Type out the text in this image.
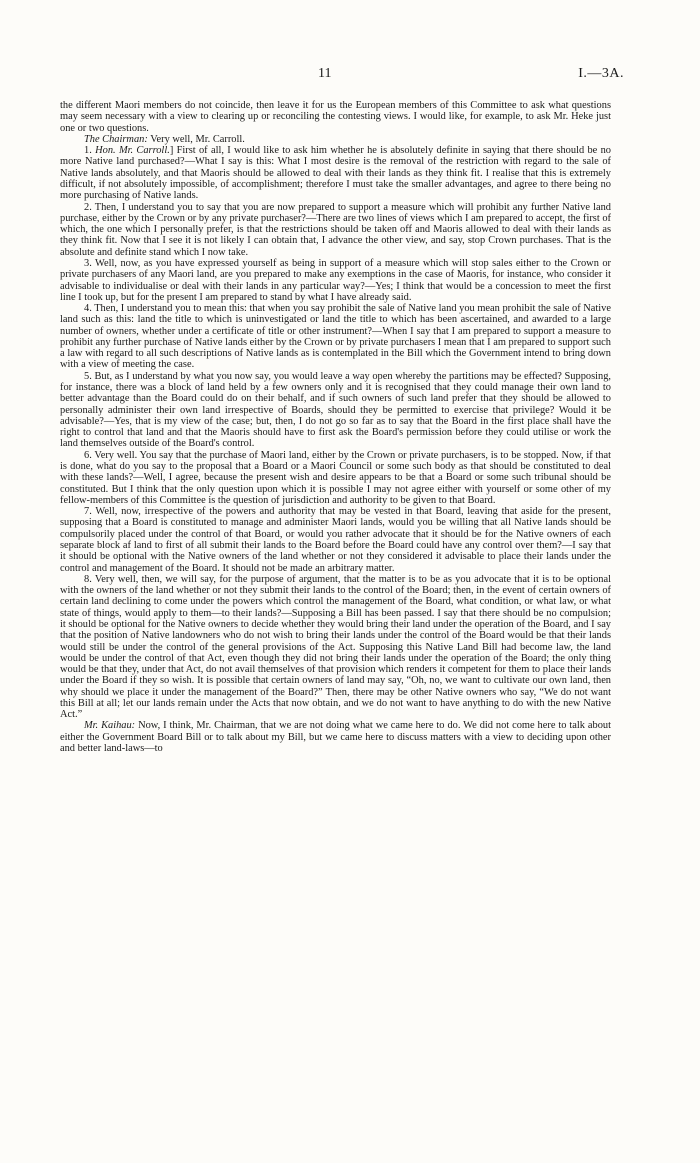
11	I.—3A.

the different Maori members do not coincide, then leave it for us the European members of this Committee to ask what questions may seem necessary with a view to clearing up or reconciling the contesting views. I would like, for example, to ask Mr. Heke just one or two questions.

The Chairman: Very well, Mr. Carroll.

1. Hon. Mr. Carroll.] First of all, I would like to ask him whether he is absolutely definite in saying that there should be no more Native land purchased?—What I say is this: What I most desire is the removal of the restriction with regard to the sale of Native lands absolutely, and that Maoris should be allowed to deal with their lands as they think fit. I realise that this is extremely difficult, if not absolutely impossible, of accomplishment; therefore I must take the smaller advantages, and agree to there being no more purchasing of Native lands.

2. Then, I understand you to say that you are now prepared to support a measure which will prohibit any further Native land purchase, either by the Crown or by any private purchaser?—There are two lines of views which I am prepared to accept, the first of which, the one which I personally prefer, is that the restrictions should be taken off and Maoris allowed to deal with their lands as they think fit. Now that I see it is not likely I can obtain that, I advance the other view, and say, stop Crown purchases. That is the absolute and definite stand which I now take.

3. Well, now, as you have expressed yourself as being in support of a measure which will stop sales either to the Crown or private purchasers of any Maori land, are you prepared to make any exemptions in the case of Maoris, for instance, who consider it advisable to individualise or deal with their lands in any particular way?—Yes; I think that would be a concession to meet the first line I took up, but for the present I am prepared to stand by what I have already said.

4. Then, I understand you to mean this: that when you say prohibit the sale of Native land you mean prohibit the sale of Native land such as this: land the title to which is uninvestigated or land the title to which has been ascertained, and awarded to a large number of owners, whether under a certificate of title or other instrument?—When I say that I am prepared to support a measure to prohibit any further purchase of Native lands either by the Crown or by private purchasers I mean that I am prepared to support such a law with regard to all such descriptions of Native lands as is contemplated in the Bill which the Government intend to bring down with a view of meeting the case.

5. But, as I understand by what you now say, you would leave a way open whereby the partitions may be effected? Supposing, for instance, there was a block of land held by a few owners only and it is recognised that they could manage their own land to better advantage than the Board could do on their behalf, and if such owners of such land prefer that they should be allowed to personally administer their own land irrespective of Boards, should they be permitted to exercise that privilege? Would it be advisable?—Yes, that is my view of the case; but, then, I do not go so far as to say that the Board in the first place shall have the right to control that land and that the Maoris should have to first ask the Board's permission before they could utilise or work the land themselves outside of the Board's control.

6. Very well. You say that the purchase of Maori land, either by the Crown or private purchasers, is to be stopped. Now, if that is done, what do you say to the proposal that a Board or a Maori Council or some such body as that should be constituted to deal with these lands?—Well, I agree, because the present wish and desire appears to be that a Board or some such tribunal should be constituted. But I think that the only question upon which it is possible I may not agree either with yourself or some other of my fellow-members of this Committee is the question of jurisdiction and authority to be given to that Board.

7. Well, now, irrespective of the powers and authority that may be vested in that Board, leaving that aside for the present, supposing that a Board is constituted to manage and administer Maori lands, would you be willing that all Native lands should be compulsorily placed under the control of that Board, or would you rather advocate that it should be for the Native owners of each separate block af land to first of all submit their lands to the Board before the Board could have any control over them?—I say that it should be optional with the Native owners of the land whether or not they considered it advisable to place their lands under the control and management of the Board. It should not be made an arbitrary matter.

8. Very well, then, we will say, for the purpose of argument, that the matter is to be as you advocate that it is to be optional with the owners of the land whether or not they submit their lands to the control of the Board; then, in the event of certain owners of certain land declining to come under the powers which control the management of the Board, what condition, or what law, or what state of things, would apply to them—to their lands?—Supposing a Bill has been passed. I say that there should be no compulsion; it should be optional for the Native owners to decide whether they would bring their land under the operation of the Board, and I say that the position of Native landowners who do not wish to bring their lands under the control of the Board would be that their lands would still be under the control of the general provisions of the Act. Supposing this Native Land Bill had become law, the land would be under the control of that Act, even though they did not bring their lands under the operation of the Board; the only thing would be that they, under that Act, do not avail themselves of that provision which renders it competent for them to place their lands under the Board if they so wish. It is possible that certain owners of land may say, “Oh, no, we want to cultivate our own land, then why should we place it under the management of the Board?” Then, there may be other Native owners who say, “We do not want this Bill at all; let our lands remain under the Acts that now obtain, and we do not want to have anything to do with the new Native Act.”

Mr. Kaihau: Now, I think, Mr. Chairman, that we are not doing what we came here to do. We did not come here to talk about either the Government Board Bill or to talk about my Bill, but we came here to discuss matters with a view to deciding upon other and better land-laws—to
